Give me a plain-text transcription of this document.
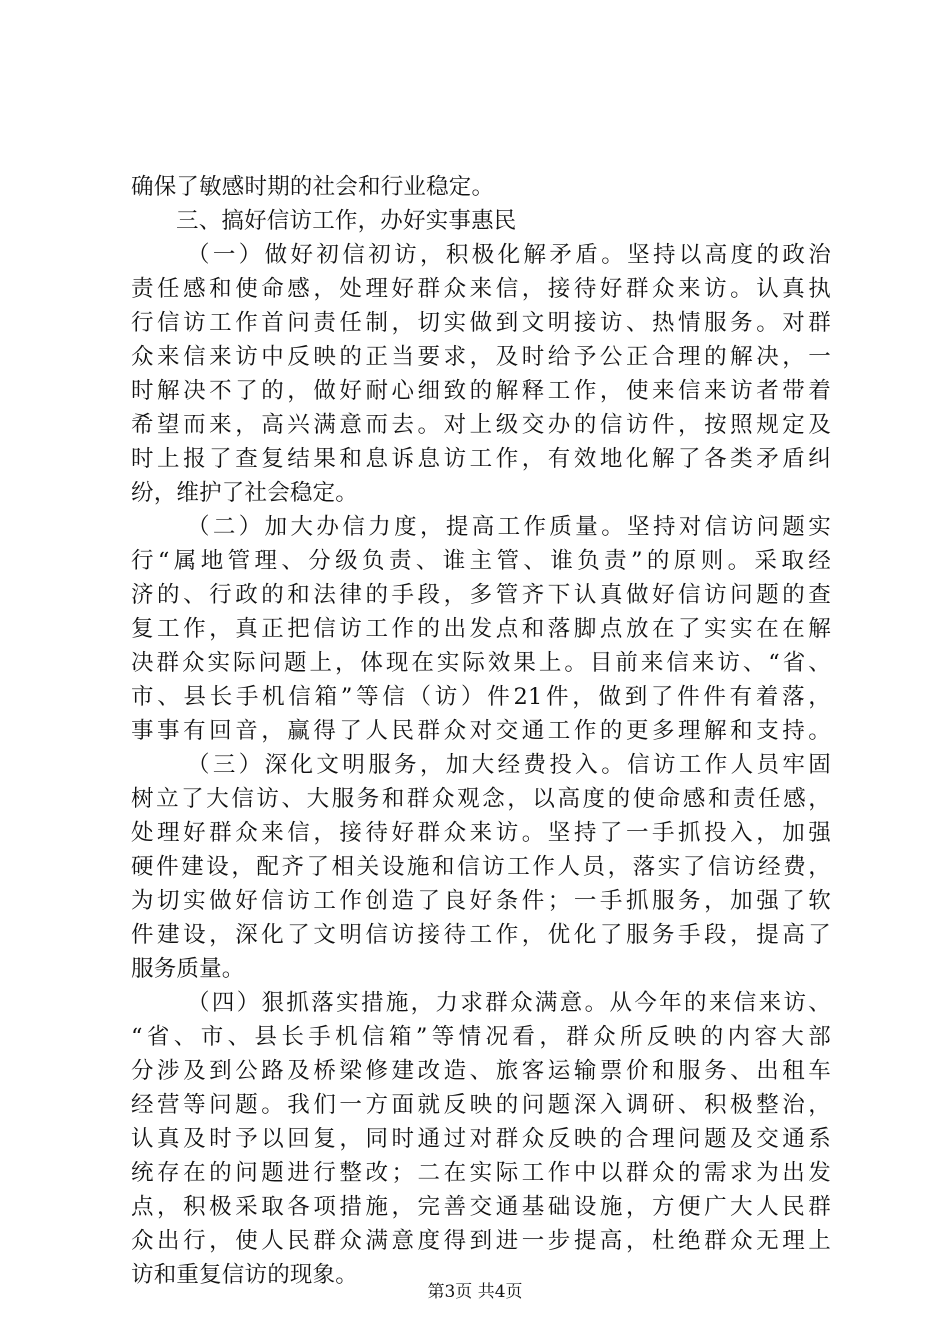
确保了敏感时期的社会和行业稳定。
三、搞好信访工作，办好实事惠民
（一）做好初信初访，积极化解矛盾。坚持以高度的政治
责任感和使命感，处理好群众来信，接待好群众来访。认真执
行信访工作首问责任制，切实做到文明接访、热情服务。对群
众来信来访中反映的正当要求，及时给予公正合理的解决，一
时解决不了的，做好耐心细致的解释工作，使来信来访者带着
希望而来，高兴满意而去。对上级交办的信访件，按照规定及
时上报了查复结果和息诉息访工作，有效地化解了各类矛盾纠
纷，维护了社会稳定。
（二）加大办信力度，提高工作质量。坚持对信访问题实
行“属地管理、分级负责、谁主管、谁负责”的原则。采取经
济的、行政的和法律的手段，多管齐下认真做好信访问题的查
复工作，真正把信访工作的出发点和落脚点放在了实实在在解
决群众实际问题上，体现在实际效果上。目前来信来访、“省、
市、县长手机信箱”等信（访）件21件，做到了件件有着落，
事事有回音，赢得了人民群众对交通工作的更多理解和支持。
（三）深化文明服务，加大经费投入。信访工作人员牢固
树立了大信访、大服务和群众观念，以高度的使命感和责任感，
处理好群众来信，接待好群众来访。坚持了一手抓投入，加强
硬件建设，配齐了相关设施和信访工作人员，落实了信访经费，
为切实做好信访工作创造了良好条件；一手抓服务，加强了软
件建设，深化了文明信访接待工作，优化了服务手段，提高了
服务质量。
（四）狠抓落实措施，力求群众满意。从今年的来信来访、
“省、市、县长手机信箱”等情况看，群众所反映的内容大部
分涉及到公路及桥梁修建改造、旅客运输票价和服务、出租车
经营等问题。我们一方面就反映的问题深入调研、积极整治，
认真及时予以回复，同时通过对群众反映的合理问题及交通系
统存在的问题进行整改；二在实际工作中以群众的需求为出发
点，积极采取各项措施，完善交通基础设施，方便广大人民群
众出行，使人民群众满意度得到进一步提高，杜绝群众无理上
访和重复信访的现象。
第3页 共4页
